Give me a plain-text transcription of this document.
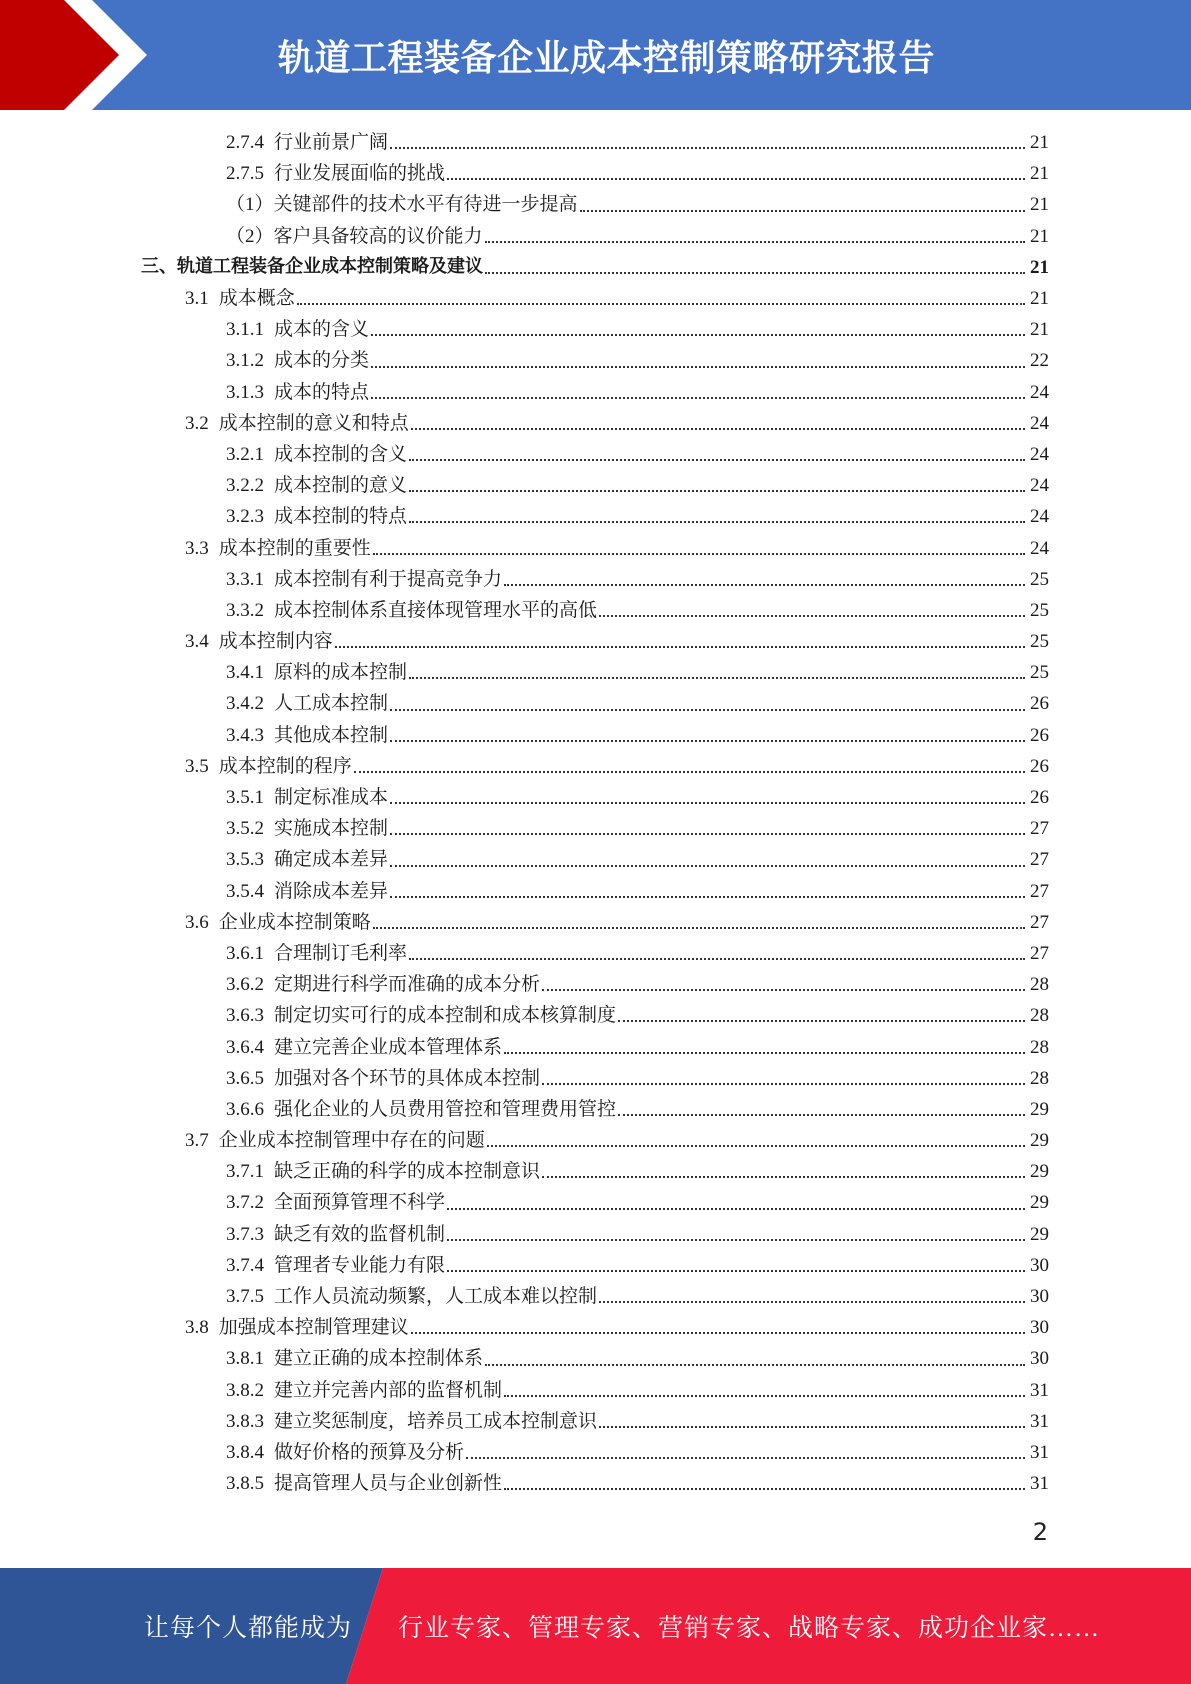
轨道工程装备企业成本控制策略研究报告
2.7.4 行业前景广阔	21
2.7.5 行业发展面临的挑战	21
（1）关键部件的技术水平有待进一步提高	21
（2）客户具备较高的议价能力	21
三、轨道工程装备企业成本控制策略及建议	21
3.1 成本概念	21
3.1.1 成本的含义	21
3.1.2 成本的分类	22
3.1.3 成本的特点	24
3.2 成本控制的意义和特点	24
3.2.1 成本控制的含义	24
3.2.2 成本控制的意义	24
3.2.3 成本控制的特点	24
3.3 成本控制的重要性	24
3.3.1 成本控制有利于提高竞争力	25
3.3.2 成本控制体系直接体现管理水平的高低	25
3.4 成本控制内容	25
3.4.1 原料的成本控制	25
3.4.2 人工成本控制	26
3.4.3 其他成本控制	26
3.5 成本控制的程序	26
3.5.1 制定标准成本	26
3.5.2 实施成本控制	27
3.5.3 确定成本差异	27
3.5.4 消除成本差异	27
3.6 企业成本控制策略	27
3.6.1 合理制订毛利率	27
3.6.2 定期进行科学而准确的成本分析	28
3.6.3 制定切实可行的成本控制和成本核算制度	28
3.6.4 建立完善企业成本管理体系	28
3.6.5 加强对各个环节的具体成本控制	28
3.6.6 强化企业的人员费用管控和管理费用管控	29
3.7 企业成本控制管理中存在的问题	29
3.7.1 缺乏正确的科学的成本控制意识	29
3.7.2 全面预算管理不科学	29
3.7.3 缺乏有效的监督机制	29
3.7.4 管理者专业能力有限	30
3.7.5 工作人员流动频繁，人工成本难以控制	30
3.8 加强成本控制管理建议	30
3.8.1 建立正确的成本控制体系	30
3.8.2 建立并完善内部的监督机制	31
3.8.3 建立奖惩制度，培养员工成本控制意识	31
3.8.4 做好价格的预算及分析	31
3.8.5 提高管理人员与企业创新性	31
2
让每个人都能成为 行业专家、管理专家、营销专家、战略专家、成功企业家……
